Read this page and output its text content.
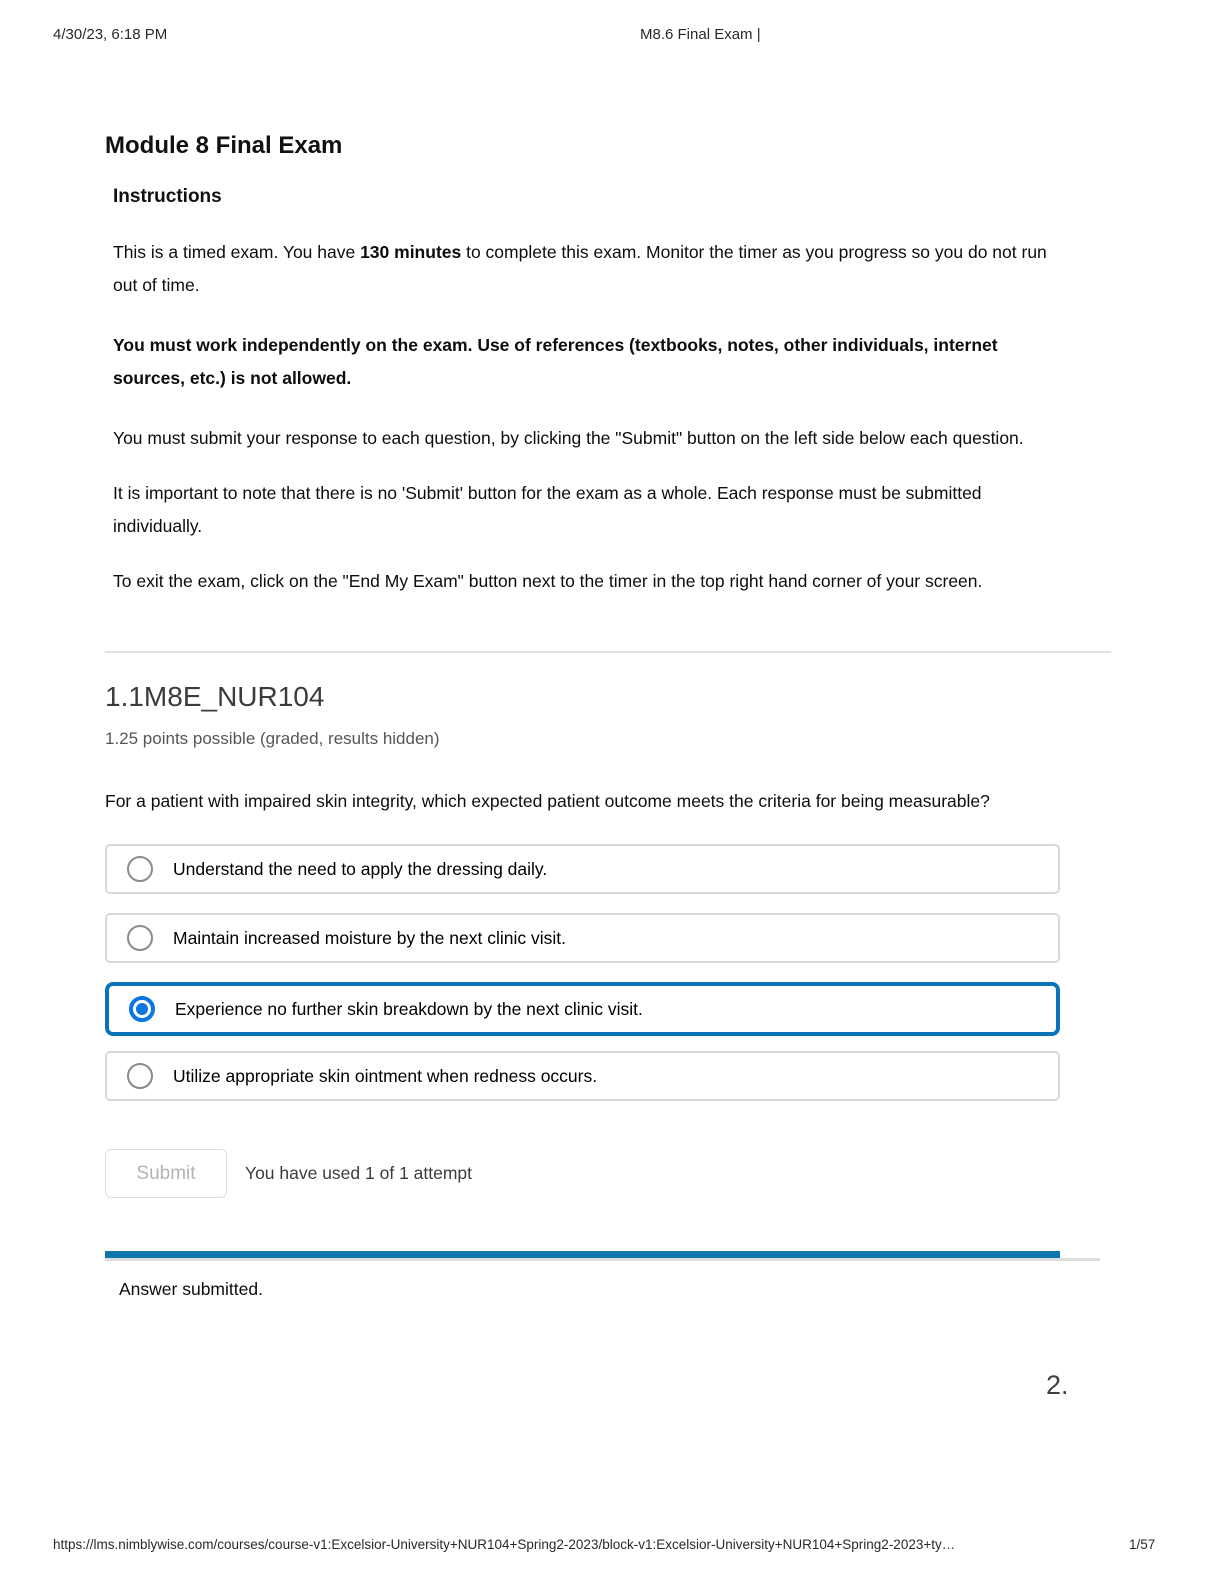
4/30/23, 6:18 PM	M8.6 Final Exam |
Module 8 Final Exam
Instructions

This is a timed exam. You have 130 minutes to complete this exam. Monitor the timer as you progress so you do not run out of time.

You must work independently on the exam. Use of references (textbooks, notes, other individuals, internet sources, etc.) is not allowed.

You must submit your response to each question, by clicking the "Submit" button on the left side below each question.

It is important to note that there is no 'Submit' button for the exam as a whole. Each response must be submitted individually.

To exit the exam, click on the "End My Exam" button next to the timer in the top right hand corner of your screen.

1.1M8E_NUR104
1.25 points possible (graded, results hidden)
For a patient with impaired skin integrity, which expected patient outcome meets the criteria for being measurable?
Understand the need to apply the dressing daily.
Maintain increased moisture by the next clinic visit.
Experience no further skin breakdown by the next clinic visit.
Utilize appropriate skin ointment when redness occurs.
Submit	You have used 1 of 1 attempt
Answer submitted.
2.
https://lms.nimblywise.com/courses/course-v1:Excelsior-University+NUR104+Spring2-2023/block-v1:Excelsior-University+NUR104+Spring2-2023+ty…	1/57
